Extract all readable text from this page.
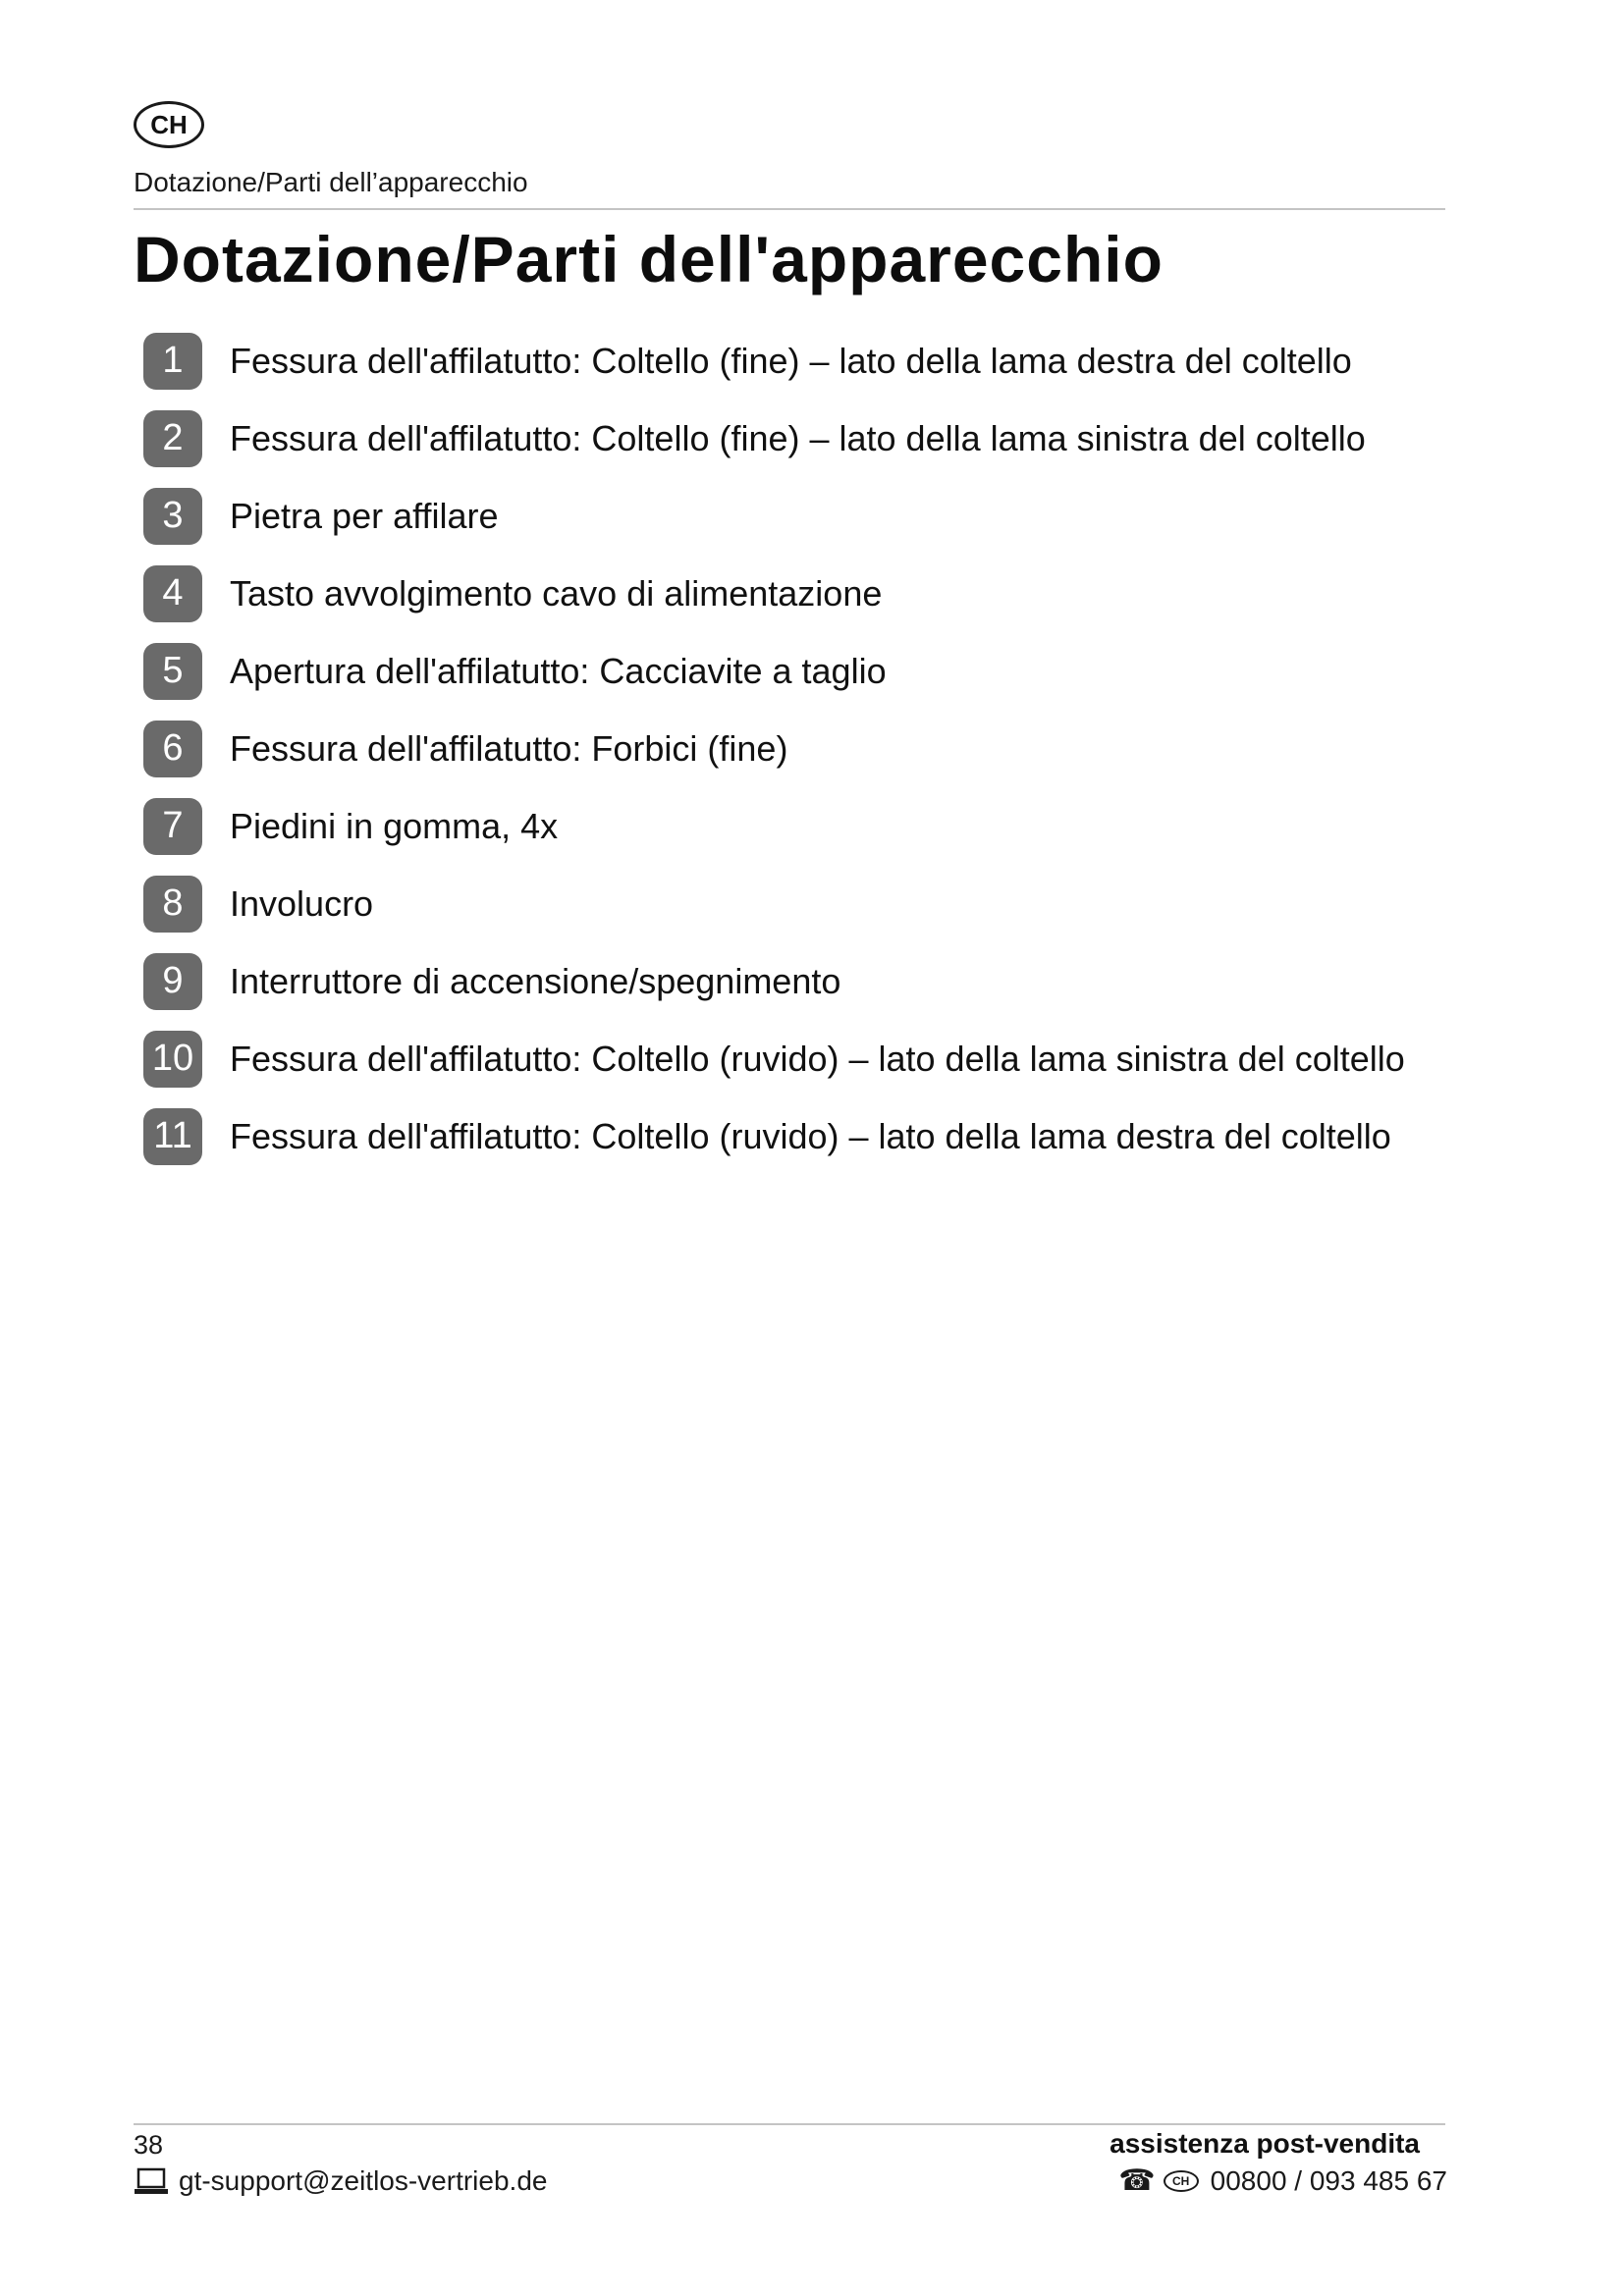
CH
Dotazione/Parti dell’apparecchio
Dotazione/Parti dell'apparecchio
1	Fessura dell'affilatutto: Coltello (fine) – lato della lama destra del coltello
2	Fessura dell'affilatutto: Coltello (fine) – lato della lama sinistra del coltello
3	Pietra per affilare
4	Tasto avvolgimento cavo di alimentazione
5	Apertura dell'affilatutto: Cacciavite a taglio
6	Fessura dell'affilatutto: Forbici (fine)
7	Piedini in gomma, 4x
8	Involucro
9	Interruttore di accensione/spegnimento
10 Fessura dell'affilatutto: Coltello (ruvido) – lato della lama sinistra del coltello
11 Fessura dell'affilatutto: Coltello (ruvido) – lato della lama destra del coltello
38	assistenza post-vendita
gt-support@zeitlos-vertrieb.de	☎	CH 00800 / 093 485 67
